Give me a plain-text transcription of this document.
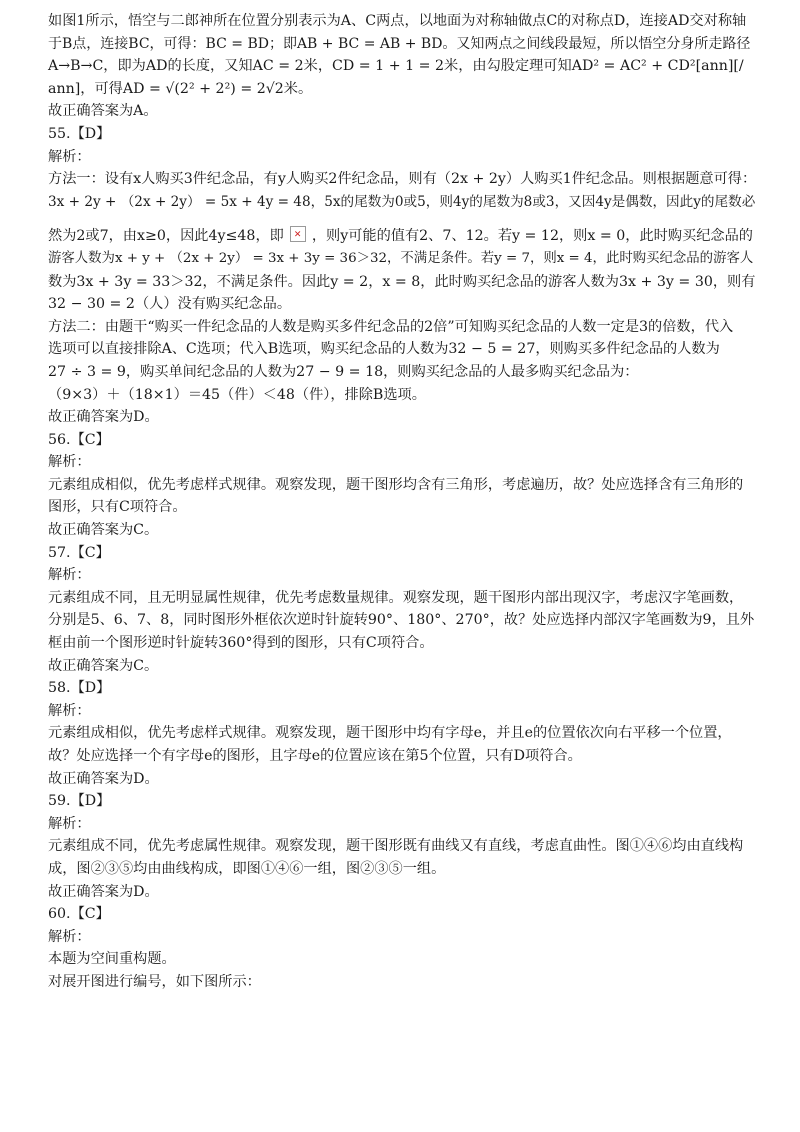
如图1所示，悟空与二郎神所在位置分别表示为A、C两点，以地面为对称轴做点C的对称点D，连接AD交对称轴
于B点，连接BC，可得：BC = BD；即AB + BC = AB + BD。又知两点之间线段最短，所以悟空分身所走路径
A→B→C，即为AD的长度，又知AC = 2米，CD = 1 + 1 = 2米，由勾股定理可知AD² = AC² + CD²[ann][/
ann]，可得AD = √(2² + 2²) = 2√2米。
故正确答案为A。
55.【D】
解析：
方法一：设有x人购买3件纪念品，有y人购买2件纪念品，则有（2x + 2y）人购买1件纪念品。则根据题意可得：
3x + 2y + （2x + 2y） = 5x + 4y = 48，5x的尾数为0或5，则4y的尾数为8或3，又因4y是偶数，因此y的尾数必
然为2或7，由x≥0，因此4y≤48，即✕ ，则y可能的值有2、7、12。若y = 12，则x = 0，此时购买纪念品的
游客人数为x + y + （2x + 2y） = 3x + 3y = 36＞32，不满足条件。若y = 7，则x = 4，此时购买纪念品的游客人
数为3x + 3y = 33＞32，不满足条件。因此y = 2，x = 8，此时购买纪念品的游客人数为3x + 3y = 30，则有
32 − 30 = 2（人）没有购买纪念品。
方法二：由题干“购买一件纪念品的人数是购买多件纪念品的2倍”可知购买纪念品的人数一定是3的倍数，代入
选项可以直接排除A、C选项；代入B选项，购买纪念品的人数为32 − 5 = 27，则购买多件纪念品的人数为
27 ÷ 3 = 9，购买单间纪念品的人数为27 − 9 = 18，则购买纪念品的人最多购买纪念品为：
（9×3）＋（18×1）＝45（件）＜48（件），排除B选项。
故正确答案为D。
56.【C】
解析：
元素组成相似，优先考虑样式规律。观察发现，题干图形均含有三角形，考虑遍历，故？处应选择含有三角形的
图形，只有C项符合。
故正确答案为C。
57.【C】
解析：
元素组成不同，且无明显属性规律，优先考虑数量规律。观察发现，题干图形内部出现汉字，考虑汉字笔画数，
分别是5、6、7、8，同时图形外框依次逆时针旋转90°、180°、270°，故？处应选择内部汉字笔画数为9，且外
框由前一个图形逆时针旋转360°得到的图形，只有C项符合。
故正确答案为C。
58.【D】
解析：
元素组成相似，优先考虑样式规律。观察发现，题干图形中均有字母e，并且e的位置依次向右平移一个位置，
故？处应选择一个有字母e的图形，且字母e的位置应该在第5个位置，只有D项符合。
故正确答案为D。
59.【D】
解析：
元素组成不同，优先考虑属性规律。观察发现，题干图形既有曲线又有直线，考虑直曲性。图①④⑥均由直线构
成，图②③⑤均由曲线构成，即图①④⑥一组，图②③⑤一组。
故正确答案为D。
60.【C】
解析：
本题为空间重构题。
对展开图进行编号，如下图所示：
